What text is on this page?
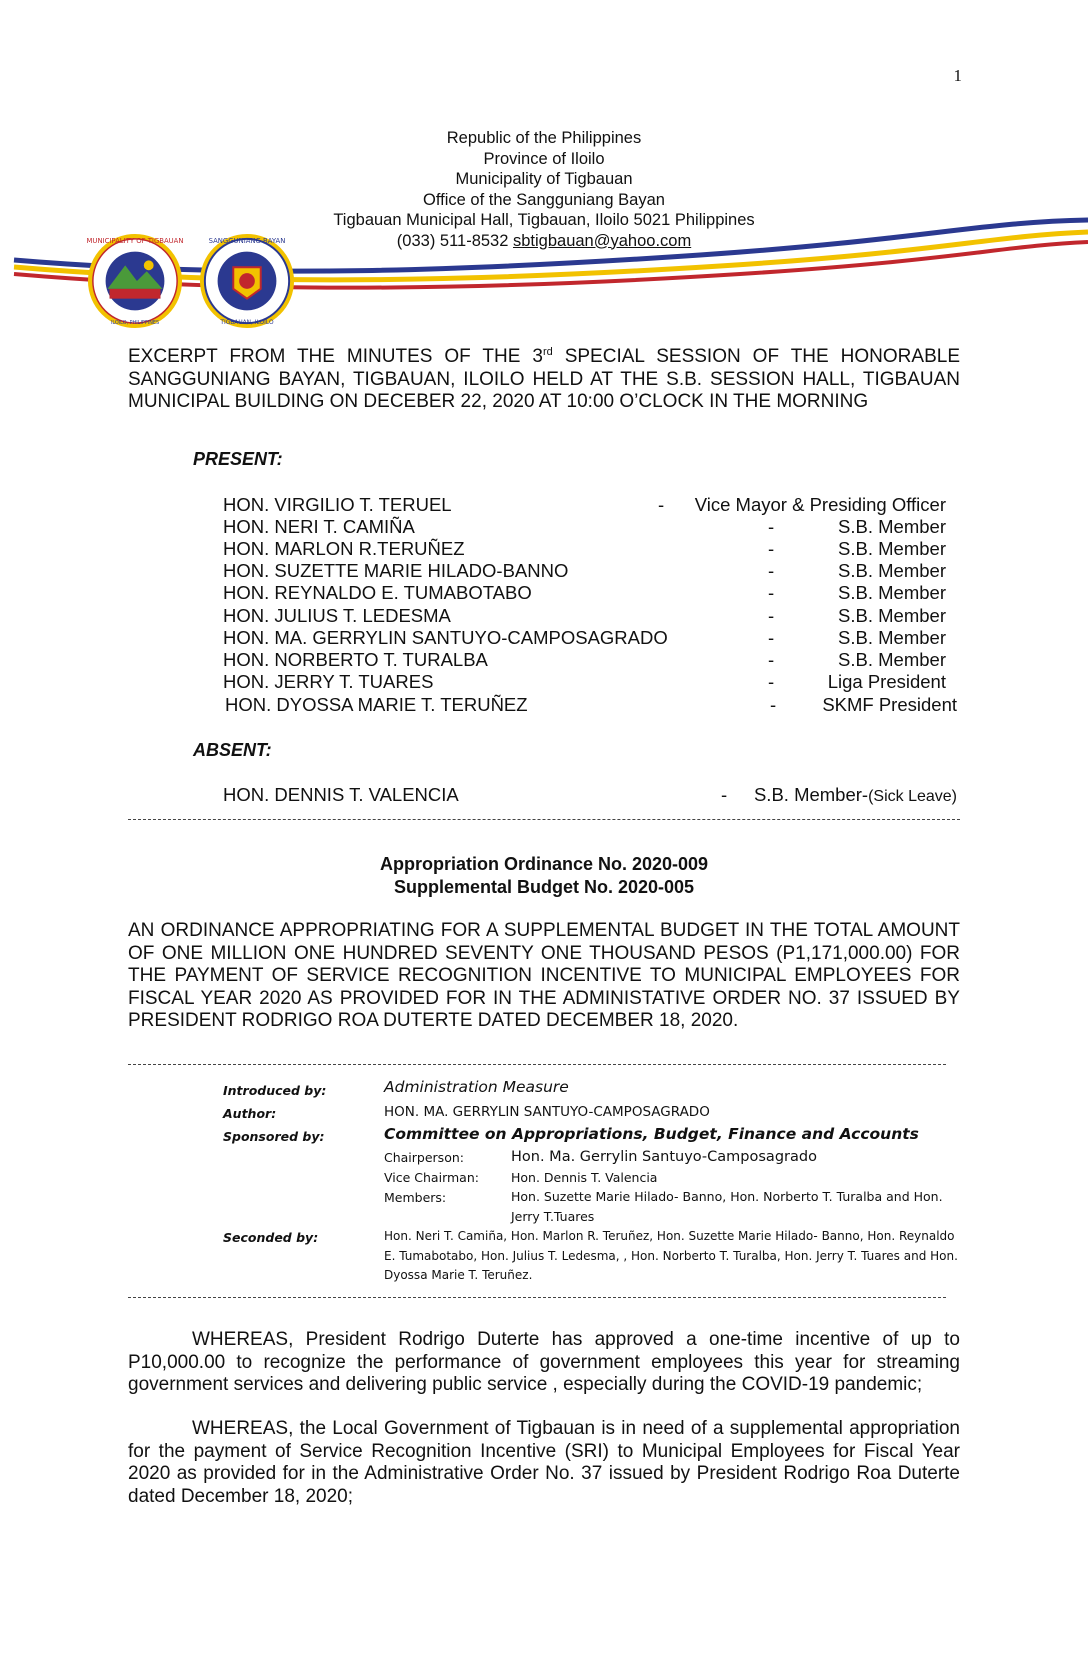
1
Republic of the Philippines
Province of Iloilo
Municipality of Tigbauan
Office of the Sangguniang Bayan
Tigbauan Municipal Hall, Tigbauan, Iloilo 5021 Philippines
(033) 511-8532 sbtigbauan@yahoo.com
MUNICIPALITY OF TIGBAUAN
ILOILO, PHILIPPINES
SANGGUNIANG BAYAN
TIGBAUAN, ILOILO
EXCERPT FROM THE MINUTES OF THE 3rd SPECIAL SESSION OF THE HONORABLE SANGGUNIANG BAYAN, TIGBAUAN, ILOILO HELD AT THE S.B. SESSION HALL, TIGBAUAN MUNICIPAL BUILDING ON DECEBER 22, 2020 AT 10:00 O’CLOCK IN THE MORNING
PRESENT:
HON. VIRGILIO T. TERUEL	- Vice Mayor & Presiding Officer
HON. NERI T. CAMIÑA	-	S.B. Member
HON. MARLON R.TERUÑEZ	-	S.B. Member
HON. SUZETTE MARIE HILADO-BANNO	-	S.B. Member
HON. REYNALDO E. TUMABOTABO	-	S.B. Member
HON. JULIUS T. LEDESMA	-	S.B. Member
HON. MA. GERRYLIN SANTUYO-CAMPOSAGRADO	-	S.B. Member
HON. NORBERTO T. TURALBA	-	S.B. Member
HON. JERRY T. TUARES	-	Liga President
HON. DYOSSA MARIE T. TERUÑEZ	- SKMF President
ABSENT:
HON. DENNIS T. VALENCIA	- S.B. Member-(Sick Leave)
Appropriation Ordinance No. 2020-009
Supplemental Budget No. 2020-005
AN ORDINANCE APPROPRIATING FOR A SUPPLEMENTAL BUDGET IN THE TOTAL AMOUNT OF ONE MILLION ONE HUNDRED SEVENTY ONE THOUSAND PESOS (P1,171,000.00) FOR THE PAYMENT OF SERVICE RECOGNITION INCENTIVE TO MUNICIPAL EMPLOYEES FOR FISCAL YEAR 2020 AS PROVIDED FOR IN THE ADMINISTATIVE ORDER NO. 37 ISSUED BY PRESIDENT RODRIGO ROA DUTERTE DATED DECEMBER 18, 2020.
Introduced by:	Administration Measure
Author:	HON. MA. GERRYLIN SANTUYO-CAMPOSAGRADO
Sponsored by:	Committee on Appropriations, Budget, Finance and Accounts
Chairperson:	Hon. Ma. Gerrylin Santuyo-Camposagrado
Vice Chairman:	Hon. Dennis T. Valencia
Members:	Hon. Suzette Marie Hilado- Banno, Hon. Norberto T. Turalba and Hon. Jerry T.Tuares
Seconded by:	Hon. Neri T. Camiña, Hon. Marlon R. Teruñez, Hon. Suzette Marie Hilado- Banno, Hon. Reynaldo E. Tumabotabo, Hon. Julius T. Ledesma, , Hon. Norberto T. Turalba, Hon. Jerry T. Tuares and Hon. Dyossa Marie T. Teruñez.
WHEREAS, President Rodrigo Duterte has approved a one-time incentive of up to P10,000.00 to recognize the performance of government employees this year for streaming government services and delivering public service , especially during the COVID-19 pandemic;
WHEREAS, the Local Government of Tigbauan is in need of a supplemental appropriation for the payment of Service Recognition Incentive (SRI) to Municipal Employees for Fiscal Year 2020 as provided for in the Administrative Order No. 37 issued by President Rodrigo Roa Duterte dated December 18, 2020;
